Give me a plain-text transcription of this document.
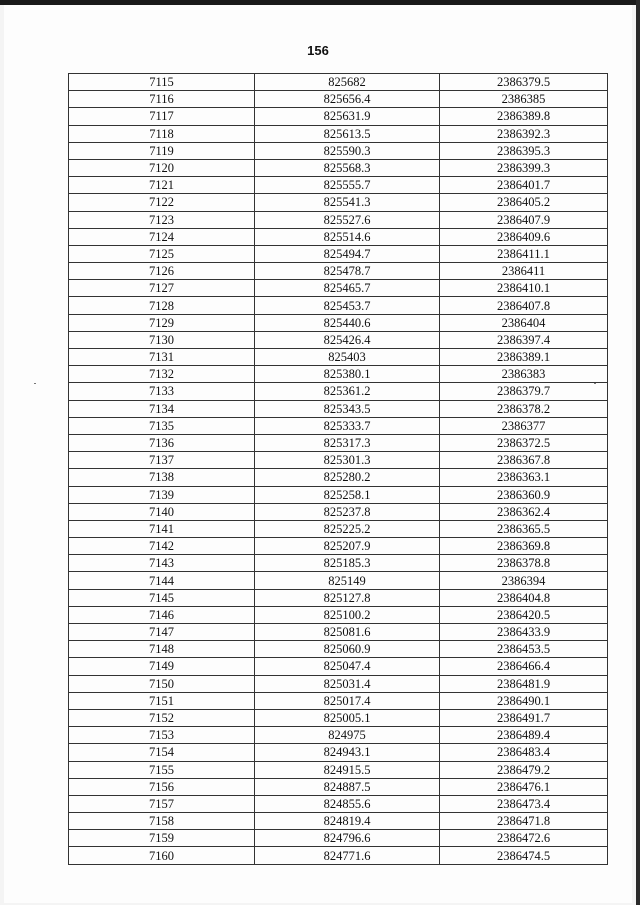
156
7115	825682	2386379.5
7116	825656.4	2386385
7117	825631.9	2386389.8
7118	825613.5	2386392.3
7119	825590.3	2386395.3
7120	825568.3	2386399.3
7121	825555.7	2386401.7
7122	825541.3	2386405.2
7123	825527.6	2386407.9
7124	825514.6	2386409.6
7125	825494.7	2386411.1
7126	825478.7	2386411
7127	825465.7	2386410.1
7128	825453.7	2386407.8
7129	825440.6	2386404
7130	825426.4	2386397.4
7131	825403	2386389.1
7132	825380.1	2386383
7133	825361.2	2386379.7
7134	825343.5	2386378.2
7135	825333.7	2386377
7136	825317.3	2386372.5
7137	825301.3	2386367.8
7138	825280.2	2386363.1
7139	825258.1	2386360.9
7140	825237.8	2386362.4
7141	825225.2	2386365.5
7142	825207.9	2386369.8
7143	825185.3	2386378.8
7144	825149	2386394
7145	825127.8	2386404.8
7146	825100.2	2386420.5
7147	825081.6	2386433.9
7148	825060.9	2386453.5
7149	825047.4	2386466.4
7150	825031.4	2386481.9
7151	825017.4	2386490.1
7152	825005.1	2386491.7
7153	824975	2386489.4
7154	824943.1	2386483.4
7155	824915.5	2386479.2
7156	824887.5	2386476.1
7157	824855.6	2386473.4
7158	824819.4	2386471.8
7159	824796.6	2386472.6
7160	824771.6	2386474.5
